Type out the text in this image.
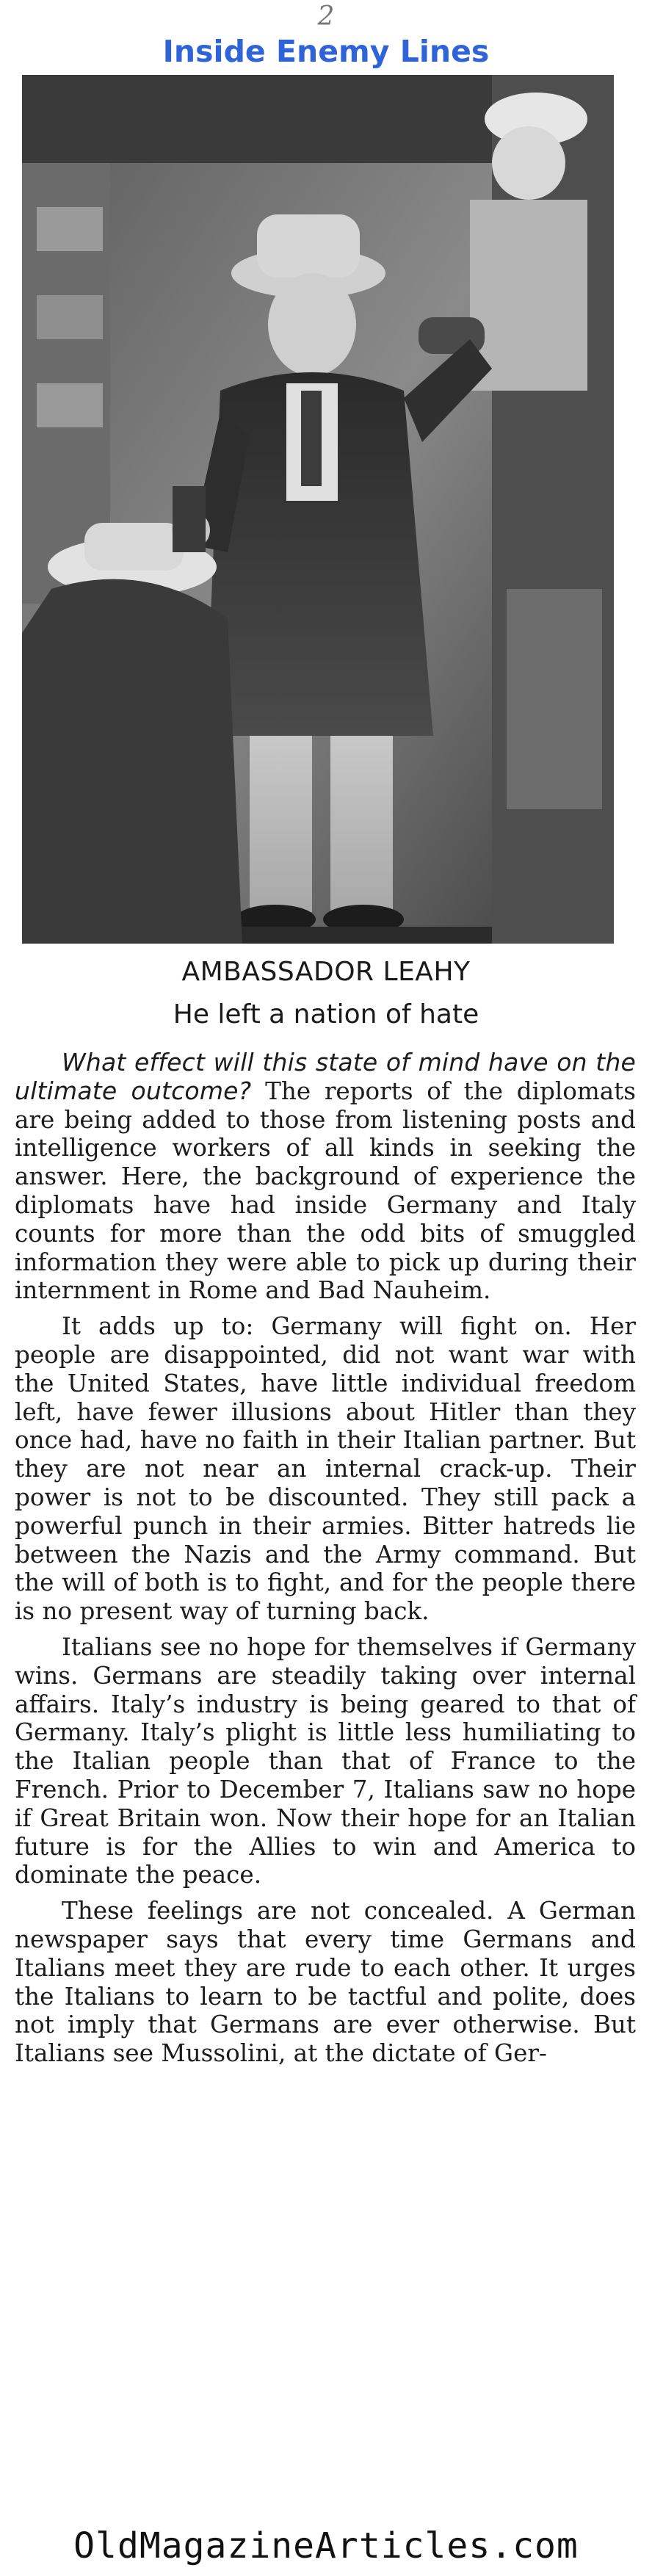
2
Inside Enemy Lines
AMBASSADOR LEAHY
He left a nation of hate

What effect will this state of mind have on the ultimate outcome? The reports of the diplomats are being added to those from listening posts and intelligence workers of all kinds in seeking the answer. Here, the background of experience the diplomats have had inside Germany and Italy counts for more than the odd bits of smuggled information they were able to pick up during their internment in Rome and Bad Nauheim.

It adds up to: Germany will fight on. Her people are disappointed, did not want war with the United States, have little individual freedom left, have fewer illusions about Hitler than they once had, have no faith in their Italian partner. But they are not near an internal crack-up. Their power is not to be discounted. They still pack a powerful punch in their armies. Bitter hatreds lie between the Nazis and the Army command. But the will of both is to fight, and for the people there is no present way of turning back.

Italians see no hope for themselves if Germany wins. Germans are steadily taking over internal affairs. Italy’s industry is being geared to that of Germany. Italy’s plight is little less humiliating to the Italian people than that of France to the French. Prior to December 7, Italians saw no hope if Great Britain won. Now their hope for an Italian future is for the Allies to win and America to dominate the peace.

These feelings are not concealed. A German newspaper says that every time Germans and Italians meet they are rude to each other. It urges the Italians to learn to be tactful and polite, does not imply that Germans are ever otherwise. But Italians see Mussolini, at the dictate of Ger-

OldMagazineArticles.com
